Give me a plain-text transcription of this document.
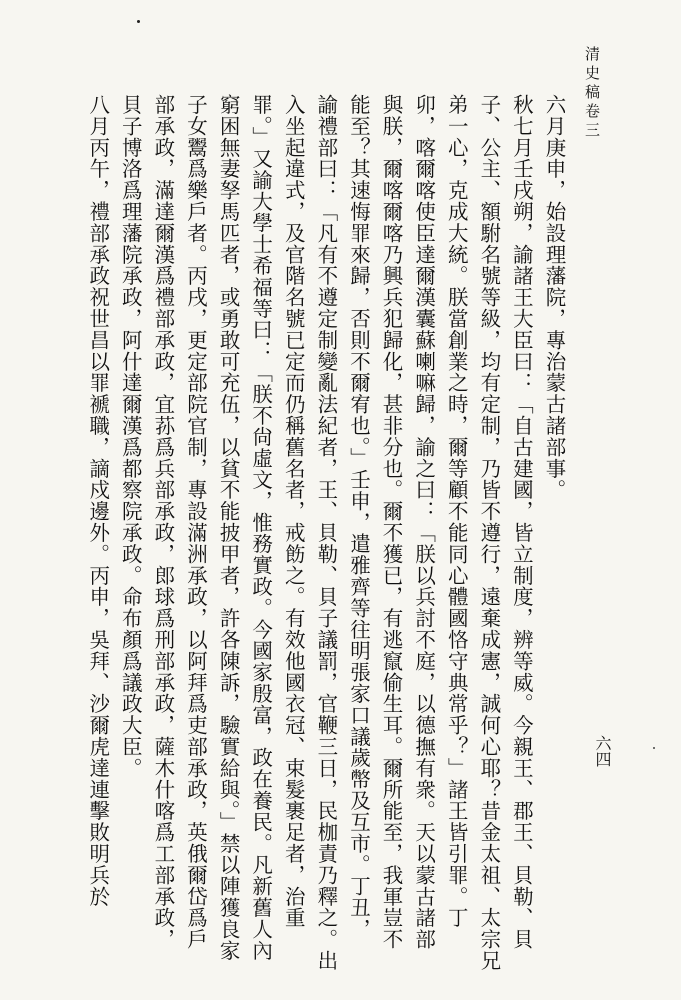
清史稿卷三
六月庚申，始設理藩院，專治蒙古諸部事。
秋七月壬戌朔，諭諸王大臣曰：「自古建國，皆立制度，辨等威。今親王、郡王、貝勒、貝
子、公主、額駙名號等級，均有定制，乃皆不遵行，遠棄成憲，誠何心耶？昔金太祖、太宗兄
弟一心，克成大統。朕當創業之時，爾等顧不能同心體國恪守典常乎？」諸王皆引罪。丁
卯，喀爾喀使臣達爾漢囊蘇喇嘛歸，諭之曰：「朕以兵討不庭，以德撫有衆。天以蒙古諸部
與朕，爾喀爾喀乃興兵犯歸化，甚非分也。爾不獲已，有逃竄偷生耳。爾所能至，我軍豈不
能至？其速悔罪來歸，否則不爾宥也。」壬申，遣雅齊等往明張家口議歲幣及互市。丁丑，
諭禮部曰：「凡有不遵定制變亂法紀者，王、貝勒、貝子議罰，官鞭三日，民枷責乃釋之。出
入坐起違式，及官階名號已定而仍稱舊名者，戒飭之。有效他國衣冠、束髮裹足者，治重
罪。」又諭大學士希福等曰：「朕不尙虛文，惟務實政。今國家殷富，政在養民。凡新舊人內
窮困無妻孥馬匹者，或勇敢可充伍，以貧不能披甲者，許各陳訴，驗實給與。」禁以陣獲良家
子女鬻爲樂戶者。丙戌，更定部院官制，專設滿洲承政，以阿拜爲吏部承政，英俄爾岱爲戶
部承政，滿達爾漢爲禮部承政，宜荪爲兵部承政，郎球爲刑部承政，薩木什喀爲工部承政，
貝子博洛爲理藩院承政，阿什達爾漢爲都察院承政。命布顏爲議政大臣。
八月丙午，禮部承政祝世昌以罪褫職，謫戍邊外。丙申，吳拜、沙爾虎達連擊敗明兵於	六四
